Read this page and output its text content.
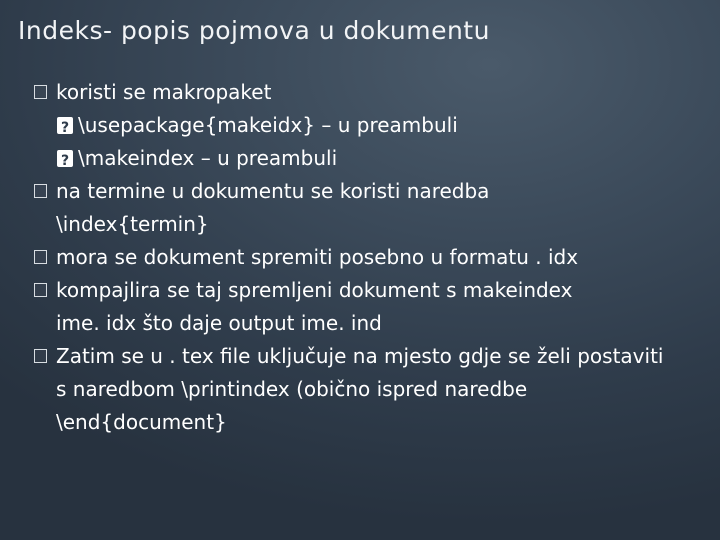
Indeks- popis pojmova u dokumentu
koristi se makropaket
?
\usepackage{makeidx} – u preambuli
?
\makeindex – u preambuli
na termine u dokumentu se koristi naredba \index{termin}
mora se dokument spremiti posebno u formatu . idx
kompajlira se taj spremljeni dokument s makeindex ime. idx što daje output ime. ind
Zatim se u . tex file uključuje na mjesto gdje se želi postaviti s naredbom \printindex (obično ispred naredbe \end{document}
